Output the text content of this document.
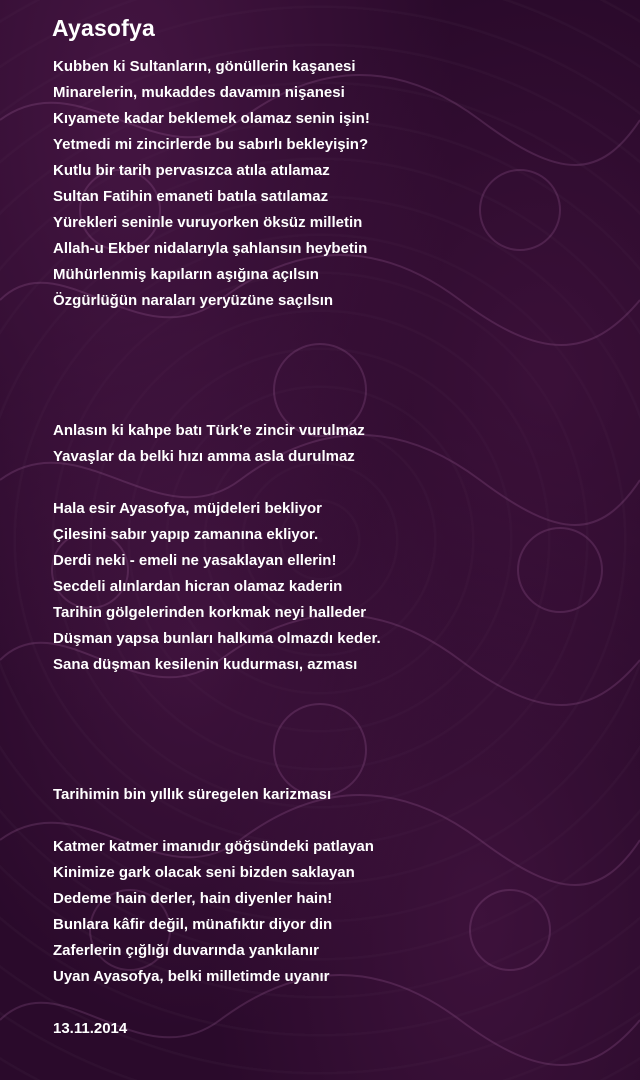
Ayasofya
Kubben ki Sultanların, gönüllerin kaşanesi
Minarelerin, mukaddes davamın nişanesi
Kıyamete kadar beklemek olamaz senin işin!
Yetmedi mi zincirlerde bu sabırlı bekleyişin?
Kutlu bir tarih pervasızca atıla atılamaz
Sultan Fatihin emaneti batıla satılamaz
Yürekleri seninle vuruyorken öksüz milletin
Allah-u Ekber nidalarıyla şahlansın heybetin
Mühürlenmiş kapıların aşığına açılsın
Özgürlüğün naraları yeryüzüne saçılsın
Anlasın ki kahpe batı Türk’e zincir vurulmaz
Yavaşlar da belki hızı amma asla durulmaz
Hala esir Ayasofya, müjdeleri bekliyor
Çilesini sabır yapıp zamanına ekliyor.
Derdi neki - emeli ne yasaklayan ellerin!
Secdeli alınlardan hicran olamaz kaderin
Tarihin gölgelerinden korkmak neyi halleder
Düşman yapsa bunları halkıma olmazdı keder.
Sana düşman kesilenin kudurması, azması
Tarihimin bin yıllık süregelen karizması
Katmer katmer imanıdır göğsündeki patlayan
Kinimize gark olacak seni bizden saklayan
Dedeme hain derler, hain diyenler hain!
Bunlara kâfir değil, münafıktır diyor din
Zaferlerin çığlığı duvarında yankılanır
Uyan Ayasofya, belki milletimde uyanır
13.11.2014
